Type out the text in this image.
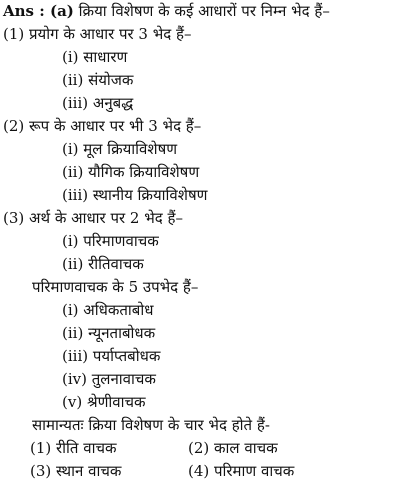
Ans : (a) क्रिया विशेषण के कई आधारों पर निम्न भेद हैं–
(1) प्रयोग के आधार पर 3 भेद हैं–
(i) साधारण
(ii) संयोजक
(iii) अनुबद्ध
(2) रूप के आधार पर भी 3 भेद हैं–
(i) मूल क्रियाविशेषण
(ii) यौगिक क्रियाविशेषण
(iii) स्थानीय क्रियाविशेषण
(3) अर्थ के आधार पर 2 भेद हैं–
(i) परिमाणवाचक
(ii) रीतिवाचक
परिमाणवाचक के 5 उपभेद हैं–
(i) अधिकताबोध
(ii) न्यूनताबोधक
(iii) पर्याप्तबोधक
(iv) तुलनावाचक
(v) श्रेणीवाचक
सामान्यतः क्रिया विशेषण के चार भेद होते हैं-
(1) रीति वाचक	(2) काल वाचक
(3) स्थान वाचक	(4) परिमाण वाचक
